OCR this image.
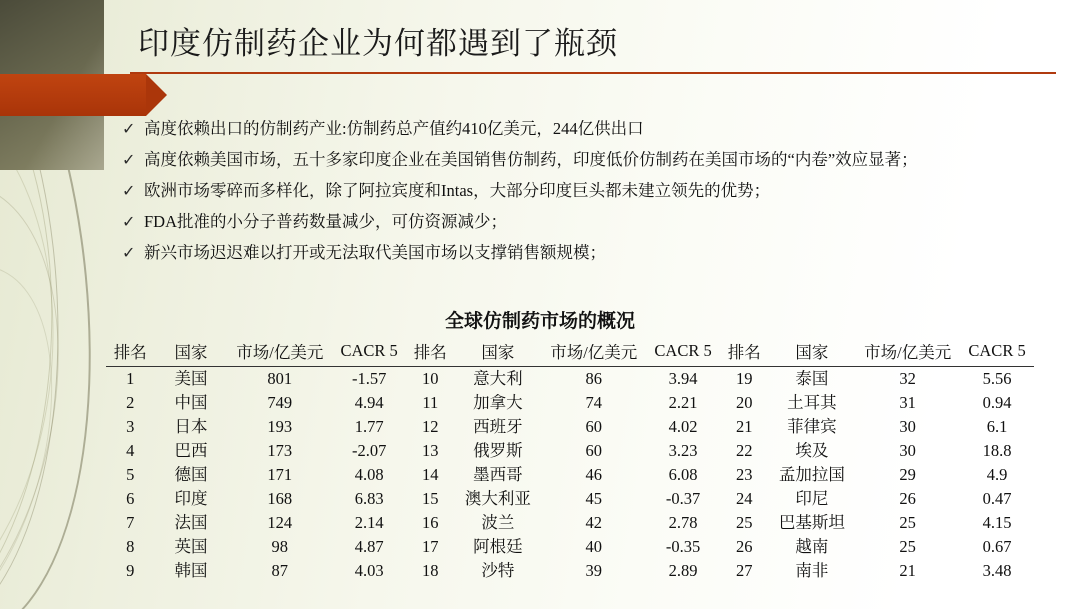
印度仿制药企业为何都遇到了瓶颈
✓ 高度依赖出口的仿制药产业:仿制药总产值约410亿美元，244亿供出口
✓ 高度依赖美国市场，五十多家印度企业在美国销售仿制药，印度低价仿制药在美国市场的“内卷”效应显著；
✓ 欧洲市场零碎而多样化，除了阿拉宾度和Intas，大部分印度巨头都未建立领先的优势；
✓ FDA批准的小分子普药数量减少，可仿资源减少；
✓ 新兴市场迟迟难以打开或无法取代美国市场以支撑销售额规模；
全球仿制药市场的概况
排名	国家	市场/亿美元	CACR 5	排名	国家	市场/亿美元	CACR 5	排名	国家	市场/亿美元	CACR 5
1	美国	801	-1.57	10	意大利	86	3.94	19	泰国	32	5.56
2	中国	749	4.94	11	加拿大	74	2.21	20	土耳其	31	0.94
3	日本	193	1.77	12	西班牙	60	4.02	21	菲律宾	30	6.1
4	巴西	173	-2.07	13	俄罗斯	60	3.23	22	埃及	30	18.8
5	德国	171	4.08	14	墨西哥	46	6.08	23	孟加拉国	29	4.9
6	印度	168	6.83	15	澳大利亚	45	-0.37	24	印尼	26	0.47
7	法国	124	2.14	16	波兰	42	2.78	25	巴基斯坦	25	4.15
8	英国	98	4.87	17	阿根廷	40	-0.35	26	越南	25	0.67
9	韩国	87	4.03	18	沙特	39	2.89	27	南非	21	3.48
